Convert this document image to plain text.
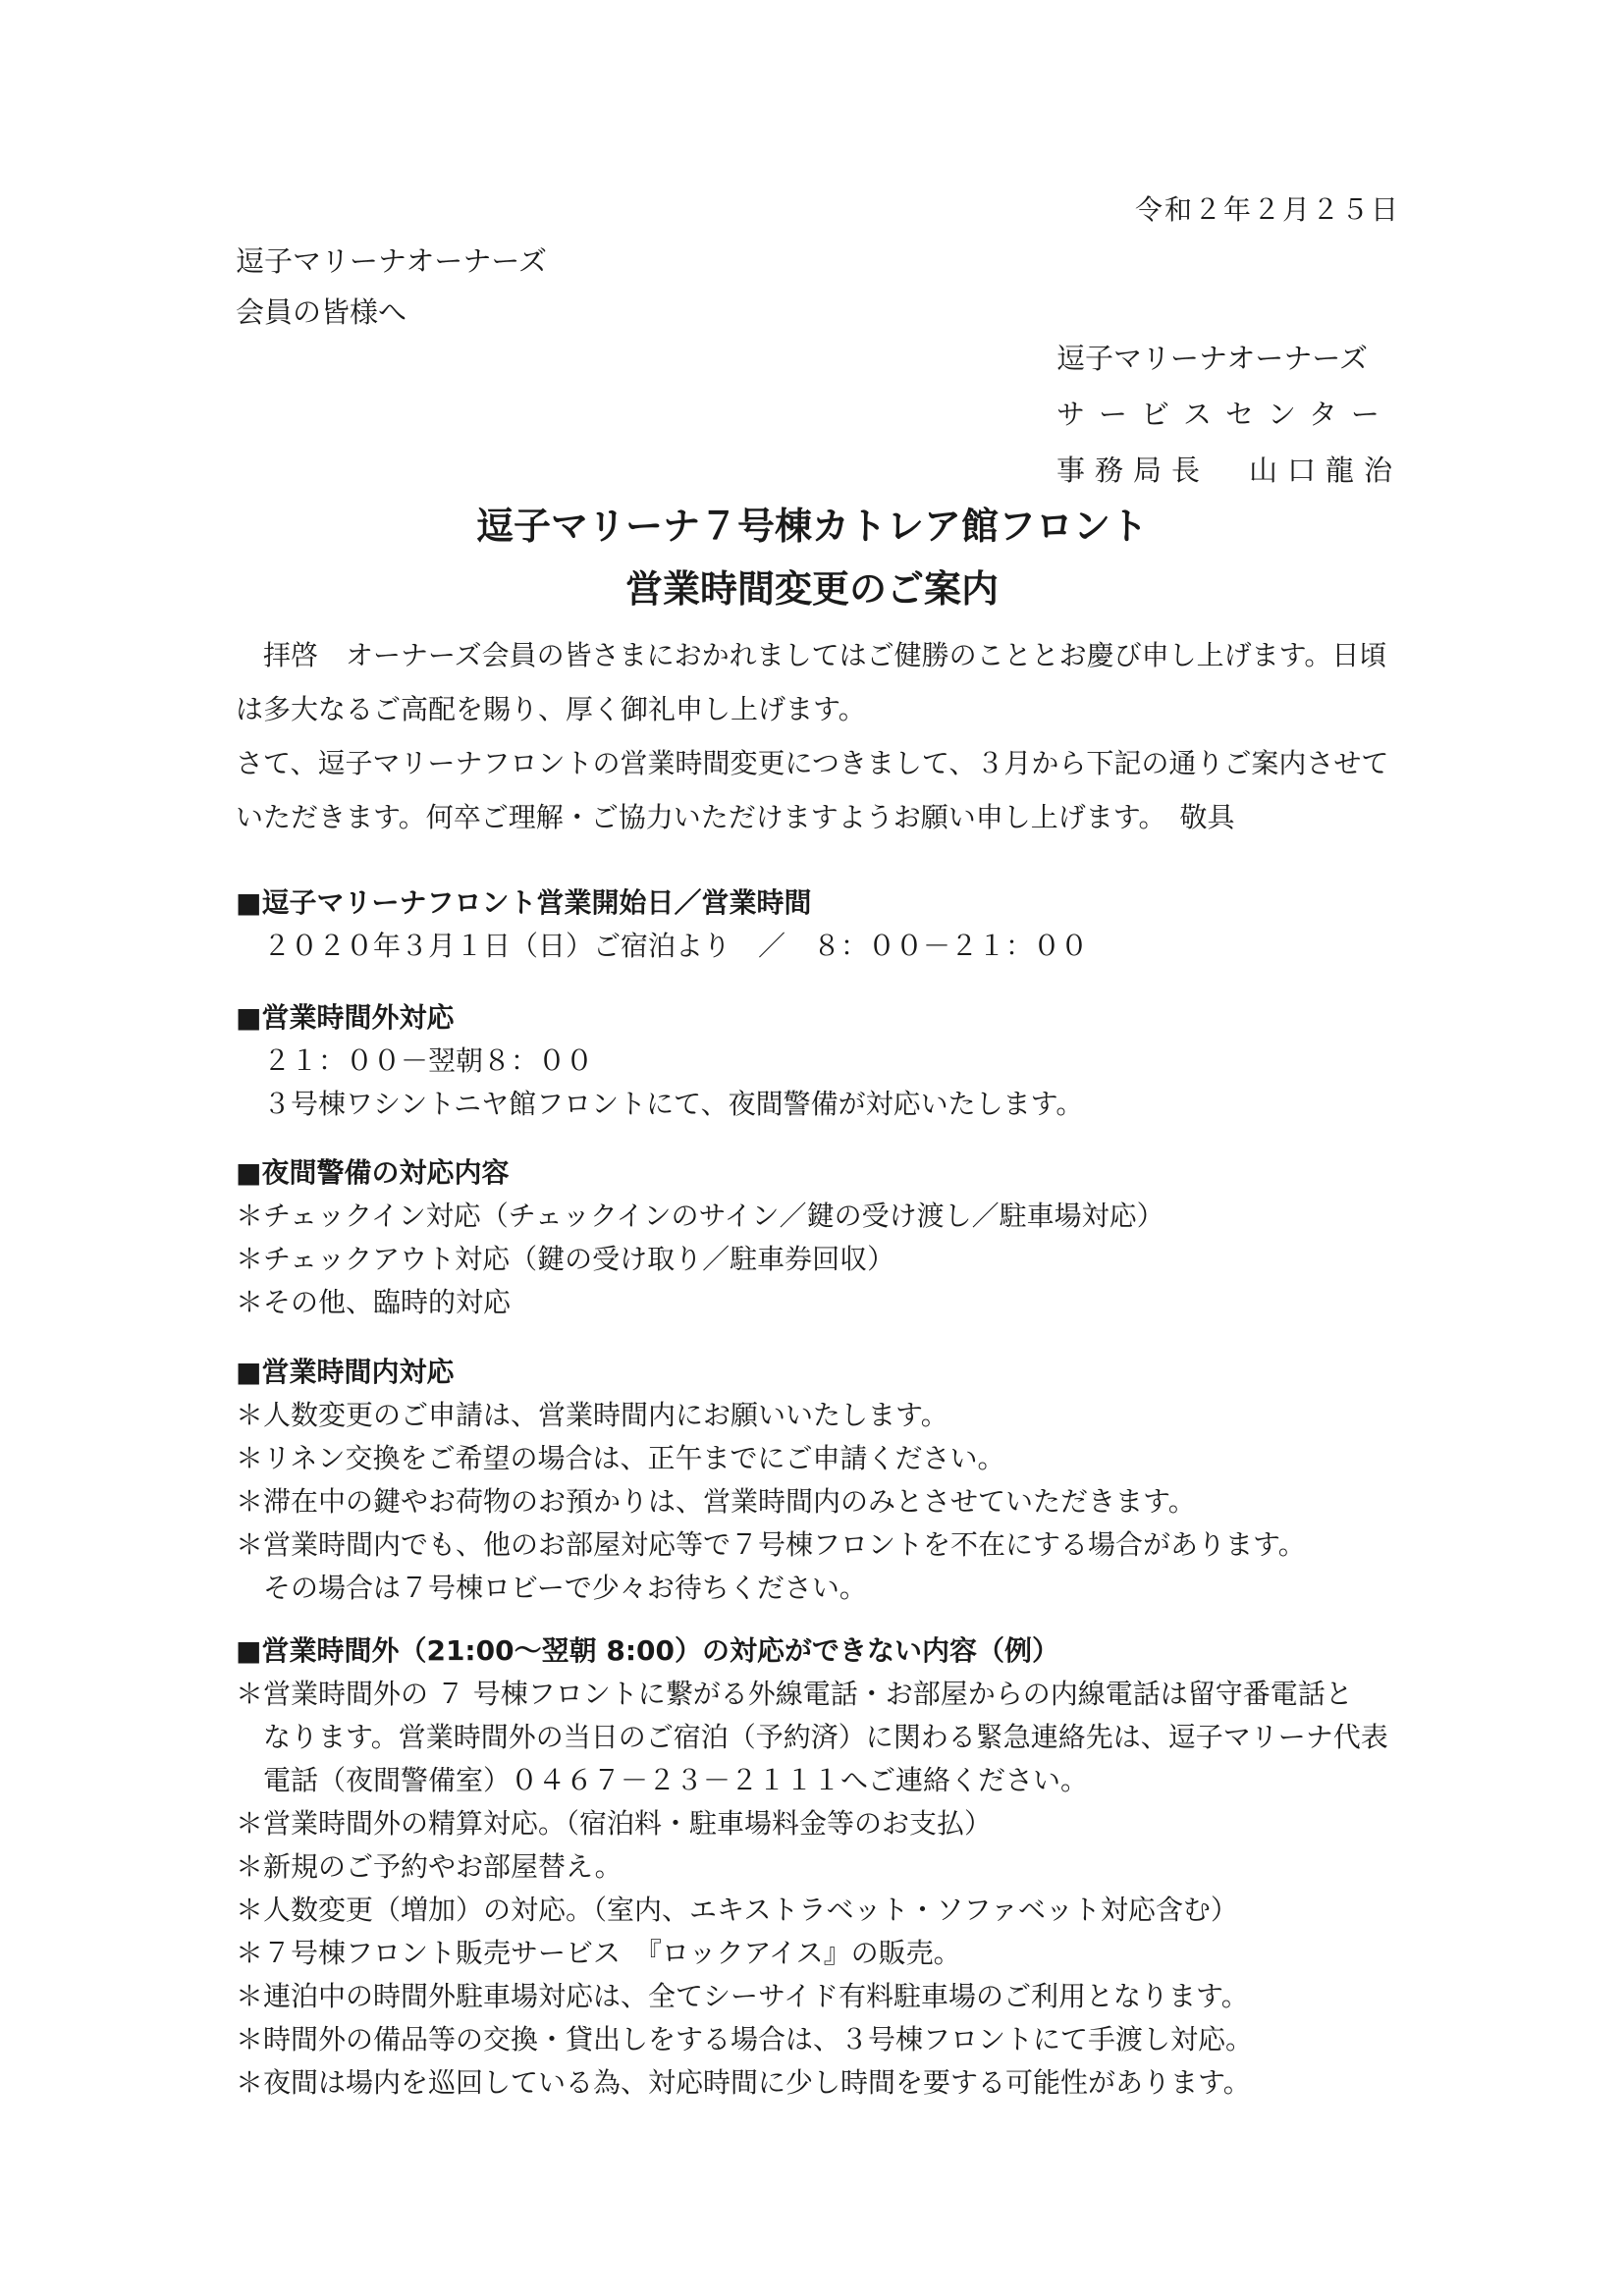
令和２年２月２５日
逗子マリーナオーナーズ
会員の皆様へ
逗子マリーナオーナーズ
サービスセンター
事務局長 山口龍治
逗子マリーナ７号棟カトレア館フロント
営業時間変更のご案内

拝啓　オーナーズ会員の皆さまにおかれましてはご健勝のこととお慶び申し上げます。日頃は多大なるご高配を賜り、厚く御礼申し上げます。

さて、逗子マリーナフロントの営業時間変更につきまして、３月から下記の通りご案内させていただきます。何卒ご理解・ご協力いただけますようお願い申し上げます。　敬具

■逗子マリーナフロント営業開始日／営業時間

２０２０年３月１日（日）ご宿泊より　／　８：００－２１：００

■営業時間外対応

２１：００－翌朝８：００

３号棟ワシントニヤ館フロントにて、夜間警備が対応いたします。

■夜間警備の対応内容

＊チェックイン対応（チェックインのサイン／鍵の受け渡し／駐車場対応）

＊チェックアウト対応（鍵の受け取り／駐車券回収）

＊その他、臨時的対応

■営業時間内対応

＊人数変更のご申請は、営業時間内にお願いいたします。

＊リネン交換をご希望の場合は、正午までにご申請ください。

＊滞在中の鍵やお荷物のお預かりは、営業時間内のみとさせていただきます。

＊営業時間内でも、他のお部屋対応等で７号棟フロントを不在にする場合があります。

その場合は７号棟ロビーで少々お待ちください。

■営業時間外（21:00～翌朝 8:00）の対応ができない内容（例）

＊営業時間外の ７ 号棟フロントに繋がる外線電話・お部屋からの内線電話は留守番電話と

なります。営業時間外の当日のご宿泊（予約済）に関わる緊急連絡先は、逗子マリーナ代表

電話（夜間警備室）０４６７－２３－２１１１へご連絡ください。

＊営業時間外の精算対応。（宿泊料・駐車場料金等のお支払）

＊新規のご予約やお部屋替え。

＊人数変更（増加）の対応。（室内、エキストラベット・ソファベット対応含む）

＊７号棟フロント販売サービス　『ロックアイス』の販売。

＊連泊中の時間外駐車場対応は、全てシーサイド有料駐車場のご利用となります。

＊時間外の備品等の交換・貸出しをする場合は、３号棟フロントにて手渡し対応。

＊夜間は場内を巡回している為、対応時間に少し時間を要する可能性があります。
